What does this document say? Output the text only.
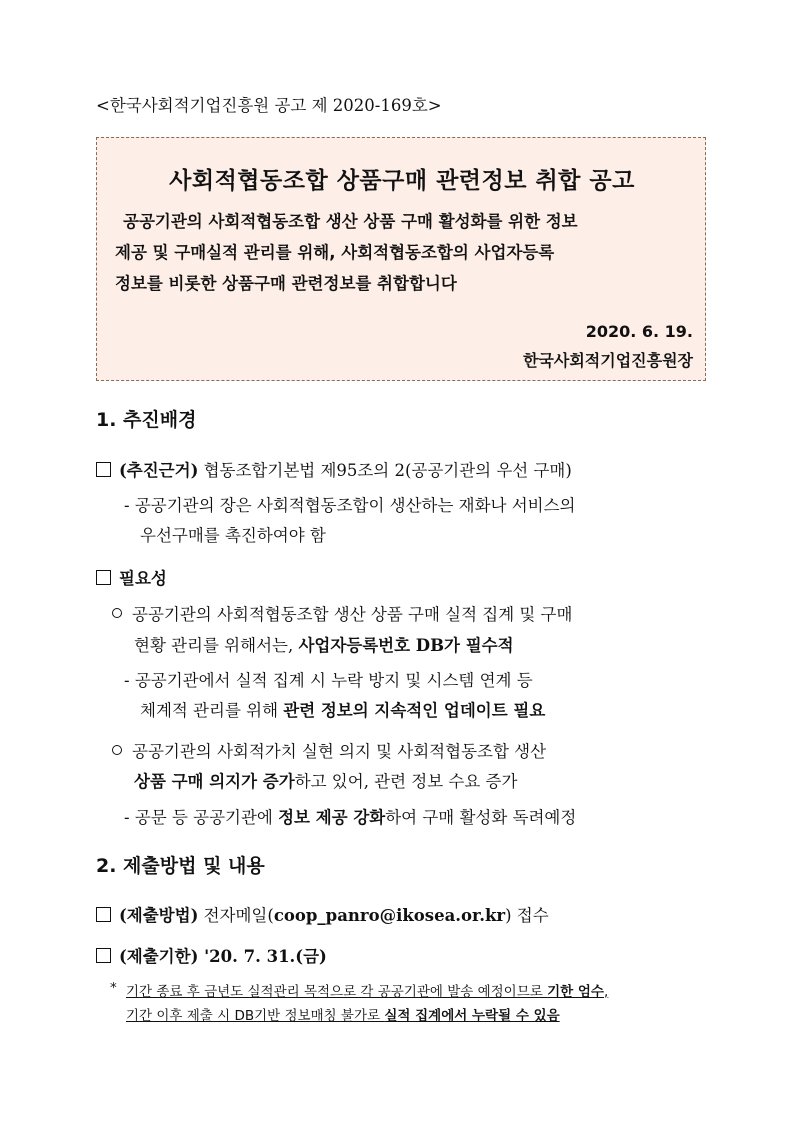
<한국사회적기업진흥원 공고 제 2020-169호>
사회적협동조합 상품구매 관련정보 취합 공고
공공기관의 사회적협동조합 생산 상품 구매 활성화를 위한 정보
제공 및 구매실적 관리를 위해, 사회적협동조합의 사업자등록
정보를 비롯한 상품구매 관련정보를 취합합니다
2020. 6. 19.
한국사회적기업진흥원장
1. 추진배경
(추진근거) 협동조합기본법 제95조의 2(공공기관의 우선 구매)
- 공공기관의 장은 사회적협동조합이 생산하는 재화나 서비스의
우선구매를 촉진하여야 함
필요성
공공기관의 사회적협동조합 생산 상품 구매 실적 집계 및 구매
현황 관리를 위해서는, 사업자등록번호 DB가 필수적
- 공공기관에서 실적 집계 시 누락 방지 및 시스템 연계 등
체계적 관리를 위해 관련 정보의 지속적인 업데이트 필요
공공기관의 사회적가치 실현 의지 및 사회적협동조합 생산
상품 구매 의지가 증가하고 있어, 관련 정보 수요 증가
- 공문 등 공공기관에 정보 제공 강화하여 구매 활성화 독려예정
2. 제출방법 및 내용
(제출방법) 전자메일(coop_panro@ikosea.or.kr) 접수
(제출기한) '20. 7. 31.(금)
* 기간 종료 후 금년도 실적관리 목적으로 각 공공기관에 발송 예정이므로 기한 엄수,
기간 이후 제출 시 DB기반 정보매칭 불가로 실적 집계에서 누락될 수 있음
